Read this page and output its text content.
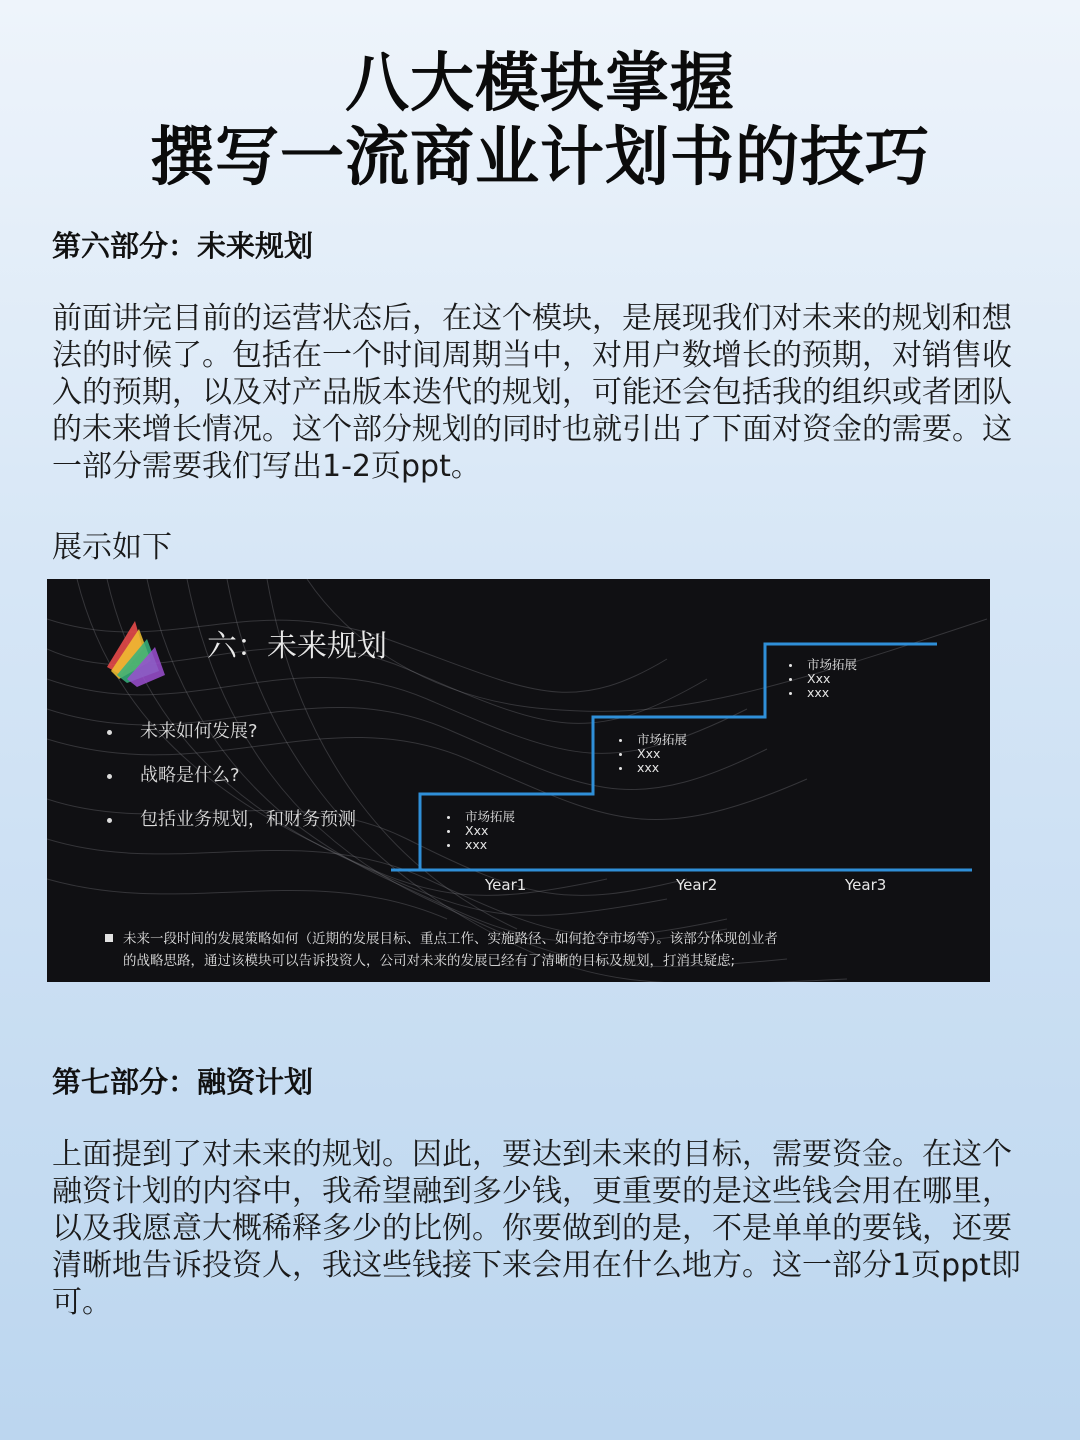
八大模块掌握
撰写一流商业计划书的技巧
第六部分：未来规划
前面讲完目前的运营状态后，在这个模块，是展现我们对未来的规划和想法的时候了。包括在一个时间周期当中，对用户数增长的预期，对销售收入的预期，以及对产品版本迭代的规划，可能还会包括我的组织或者团队的未来增长情况。这个部分规划的同时也就引出了下面对资金的需要。这一部分需要我们写出1-2页ppt。
展示如下
六：未来规划
未来如何发展?
战略是什么?
包括业务规划，和财务预测	市场拓展
Xxx
xxx
市场拓展
Xxx
xxx
市场拓展
Xxx
xxx
Year1	Year2	Year3
未来一段时间的发展策略如何（近期的发展目标、重点工作、实施路径、如何抢夺市场等）。该部分体现创业者
的战略思路，通过该模块可以告诉投资人，公司对未来的发展已经有了清晰的目标及规划，打消其疑虑;
第七部分：融资计划
上面提到了对未来的规划。因此，要达到未来的目标，需要资金。在这个融资计划的内容中，我希望融到多少钱，更重要的是这些钱会用在哪里，以及我愿意大概稀释多少的比例。你要做到的是，不是单单的要钱，还要清晰地告诉投资人，我这些钱接下来会用在什么地方。这一部分1页ppt即可。
